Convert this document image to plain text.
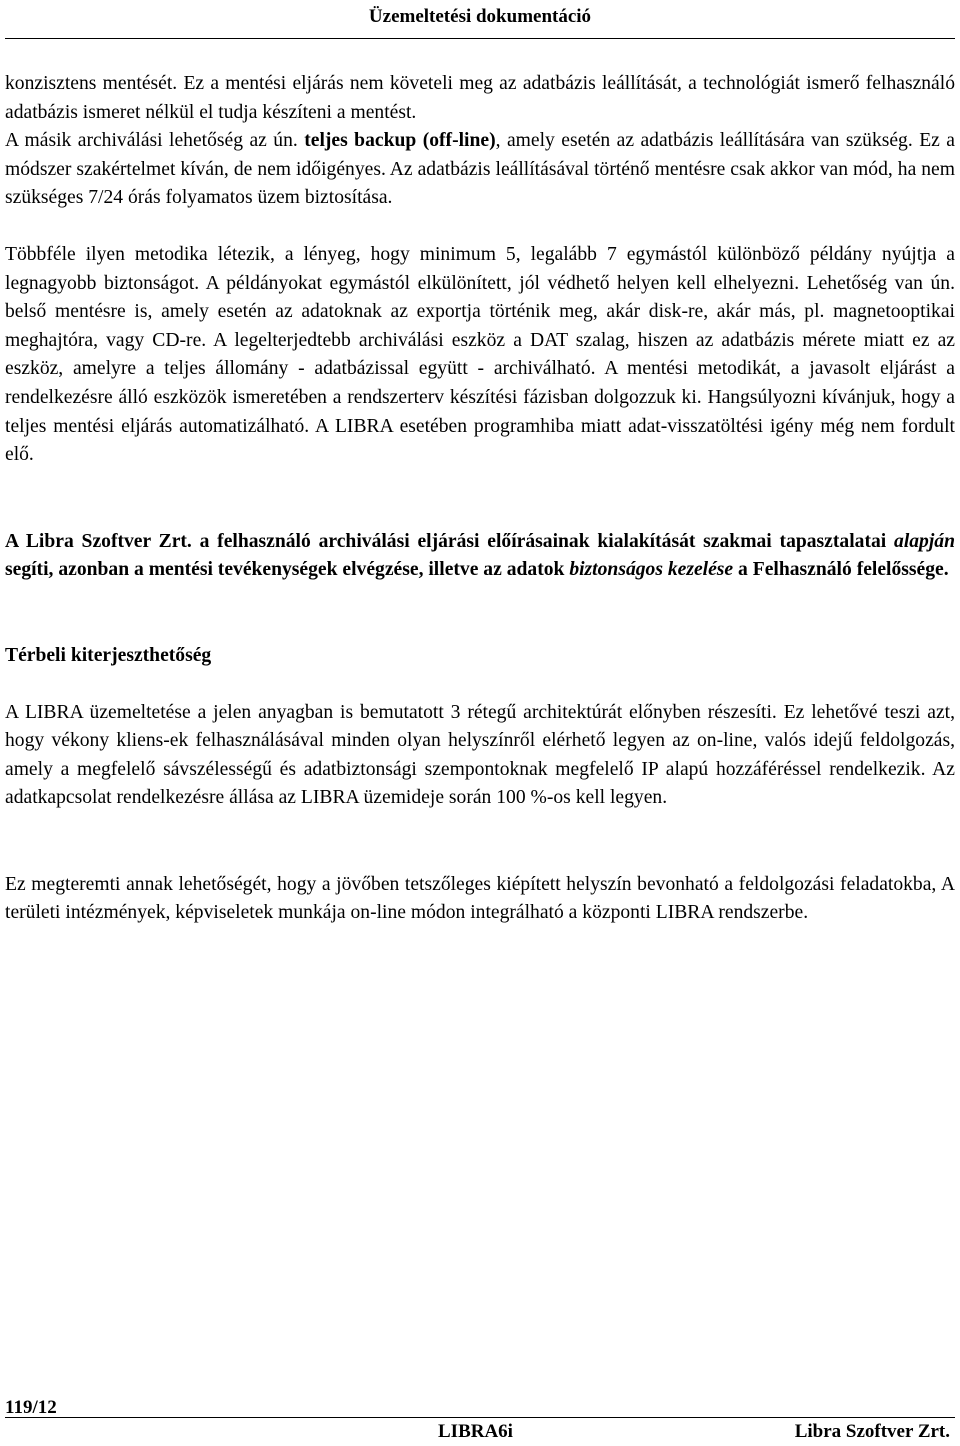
Üzemeltetési dokumentáció

konzisztens mentését. Ez a mentési eljárás nem követeli meg az adatbázis leállítását, a technológiát ismerő felhasználó adatbázis ismeret nélkül el tudja készíteni a mentést.

A másik archiválási lehetőség az ún. teljes backup (off-line), amely esetén az adatbázis leállítására van szükség. Ez a módszer szakértelmet kíván, de nem időigényes. Az adatbázis leállításával történő mentésre csak akkor van mód, ha nem szükséges 7/24 órás folyamatos üzem biztosítása.

Többféle ilyen metodika létezik, a lényeg, hogy minimum 5, legalább 7 egymástól különböző példány nyújtja a legnagyobb biztonságot. A példányokat egymástól elkülönített, jól védhető helyen kell elhelyezni. Lehetőség van ún. belső mentésre is, amely esetén az adatoknak az exportja történik meg, akár disk-re, akár más, pl. magnetooptikai meghajtóra, vagy CD-re. A legelterjedtebb archiválási eszköz a DAT szalag, hiszen az adatbázis mérete miatt ez az eszköz, amelyre a teljes állomány - adatbázissal együtt - archiválható. A mentési metodikát, a javasolt eljárást a rendelkezésre álló eszközök ismeretében a rendszerterv készítési fázisban dolgozzuk ki. Hangsúlyozni kívánjuk, hogy a teljes mentési eljárás automatizálható. A LIBRA esetében programhiba miatt adat-visszatöltési igény még nem fordult elő.

A Libra Szoftver Zrt. a felhasználó archiválási eljárási előírásainak kialakítását szakmai tapasztalatai alapján segíti, azonban a mentési tevékenységek elvégzése, illetve az adatok biztonságos kezelése a Felhasználó felelőssége.

Térbeli kiterjeszthetőség

A LIBRA üzemeltetése a jelen anyagban is bemutatott 3 rétegű architektúrát előnyben részesíti. Ez lehetővé teszi azt, hogy vékony kliens-ek felhasználásával minden olyan helyszínről elérhető legyen az on-line, valós idejű feldolgozás, amely a megfelelő sávszélességű és adatbiztonsági szempontoknak megfelelő IP alapú hozzáféréssel rendelkezik. Az adatkapcsolat rendelkezésre állása az LIBRA üzemideje során 100 %-os kell legyen.

Ez megteremti annak lehetőségét, hogy a jövőben tetszőleges kiépített helyszín bevonható a feldolgozási feladatokba, A területi intézmények, képviseletek munkája on-line módon integrálható a központi LIBRA rendszerbe.

119/12
LIBRA6i	Libra Szoftver Zrt.
